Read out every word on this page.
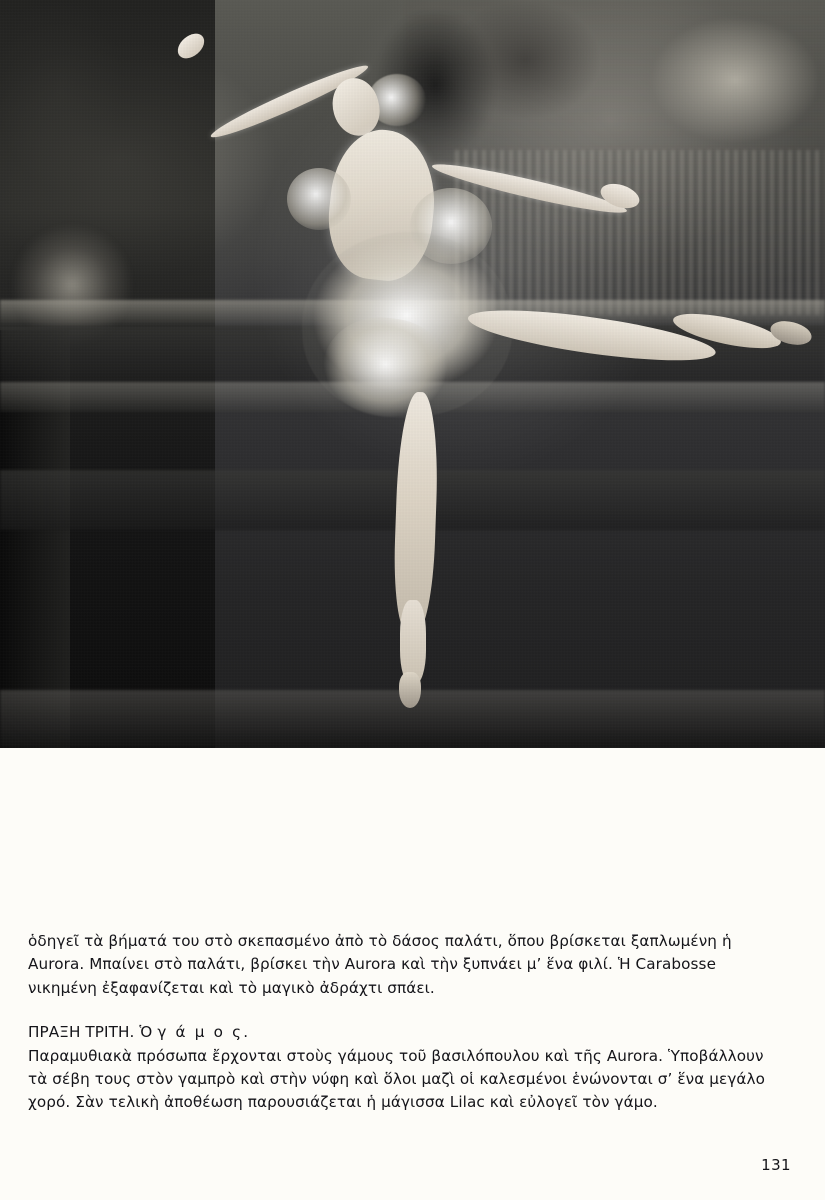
ὁδηγεῖ τὰ βήματά του στὸ σκεπασμένο ἀπὸ τὸ δάσος παλάτι, ὅπου βρίσκεται ξαπλωμένη ἡ Aurora. Μπαίνει στὸ παλάτι, βρίσκει τὴν Aurora καὶ τὴν ξυπνάει μ’ ἕνα φιλί. Ἡ Carabosse νικημένη ἐξαφανίζεται καὶ τὸ μαγικὸ ἀδράχτι σπάει.

ΠΡΑΞΗ ΤΡΙΤΗ. Ὁ γ ά μ ο ς.
Παραμυθιακὰ πρόσωπα ἔρχονται στοὺς γάμους τοῦ βασιλόπουλου καὶ τῆς Aurora. Ὑποβάλλουν τὰ σέβη τους στὸν γαμπρὸ καὶ στὴν νύφη καὶ ὅλοι μαζὶ οἱ καλεσμένοι ἑνώνονται σ’ ἕνα μεγάλο χορό. Σὰν τελικὴ ἀποθέωση παρουσιάζεται ἡ μάγισσα Lilac καὶ εὐλογεῖ τὸν γάμο.
131
